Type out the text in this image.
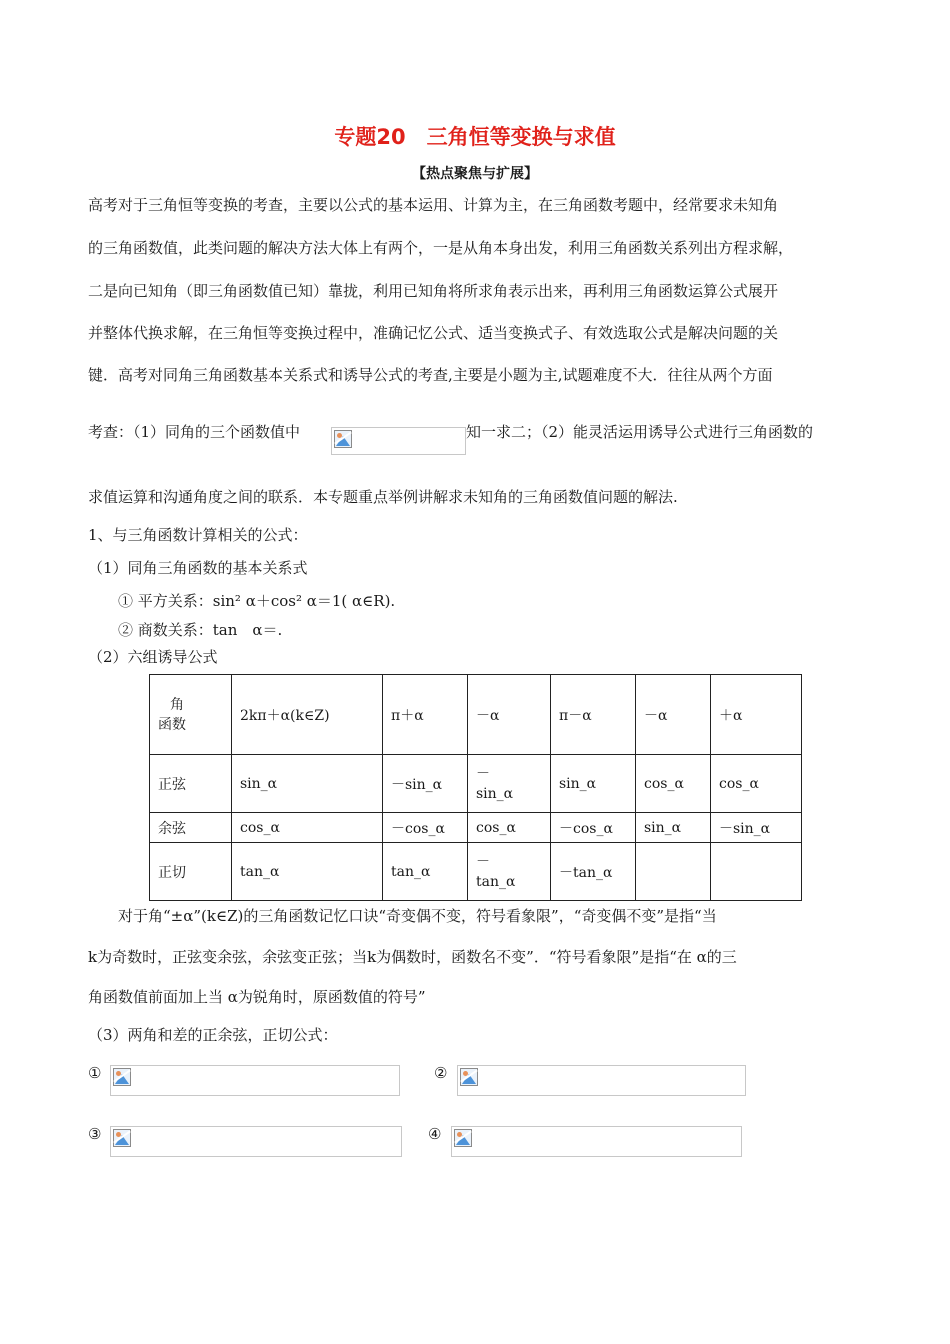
专题20　三角恒等变换与求值
【热点聚焦与扩展】
高考对于三角恒等变换的考查，主要以公式的基本运用、计算为主，在三角函数考题中，经常要求未知角
的三角函数值，此类问题的解决方法大体上有两个，一是从角本身出发，利用三角函数关系列出方程求解，
二是向已知角（即三角函数值已知）靠拢，利用已知角将所求角表示出来，再利用三角函数运算公式展开
并整体代换求解，在三角恒等变换过程中，准确记忆公式、适当变换式子、有效选取公式是解决问题的关
键．高考对同角三角函数基本关系式和诱导公式的考查,主要是小题为主,试题难度不大．往往从两个方面
考查：（1）同角的三个函数值中	知一求二；（2）能灵活运用诱导公式进行三角函数的
求值运算和沟通角度之间的联系．本专题重点举例讲解求未知角的三角函数值问题的解法.
1、与三角函数计算相关的公式：
（1）同角三角函数的基本关系式
① 平方关系：sin² α＋cos² α＝1( α∈R).
② 商数关系：tan　α＝.
（2）六组诱导公式
角
函数	2kπ＋α(k∈Z)	π＋α	－α	π－α	－α	＋α
正弦	sin_α	－sin_α	－
sin_α	sin_α	cos_α	cos_α
余弦	cos_α	－cos_α	cos_α	－cos_α	sin_α	－sin_α
正切	tan_α	tan_α	－
tan_α	－tan_α		
对于角“±α”(k∈Z)的三角函数记忆口诀“奇变偶不变，符号看象限”，“奇变偶不变”是指“当
k为奇数时，正弦变余弦，余弦变正弦；当k为偶数时，函数名不变”．“符号看象限”是指“在 α的三
角函数值前面加上当 α为锐角时，原函数值的符号”
（3）两角和差的正余弦，正切公式：
①	②
③	④
